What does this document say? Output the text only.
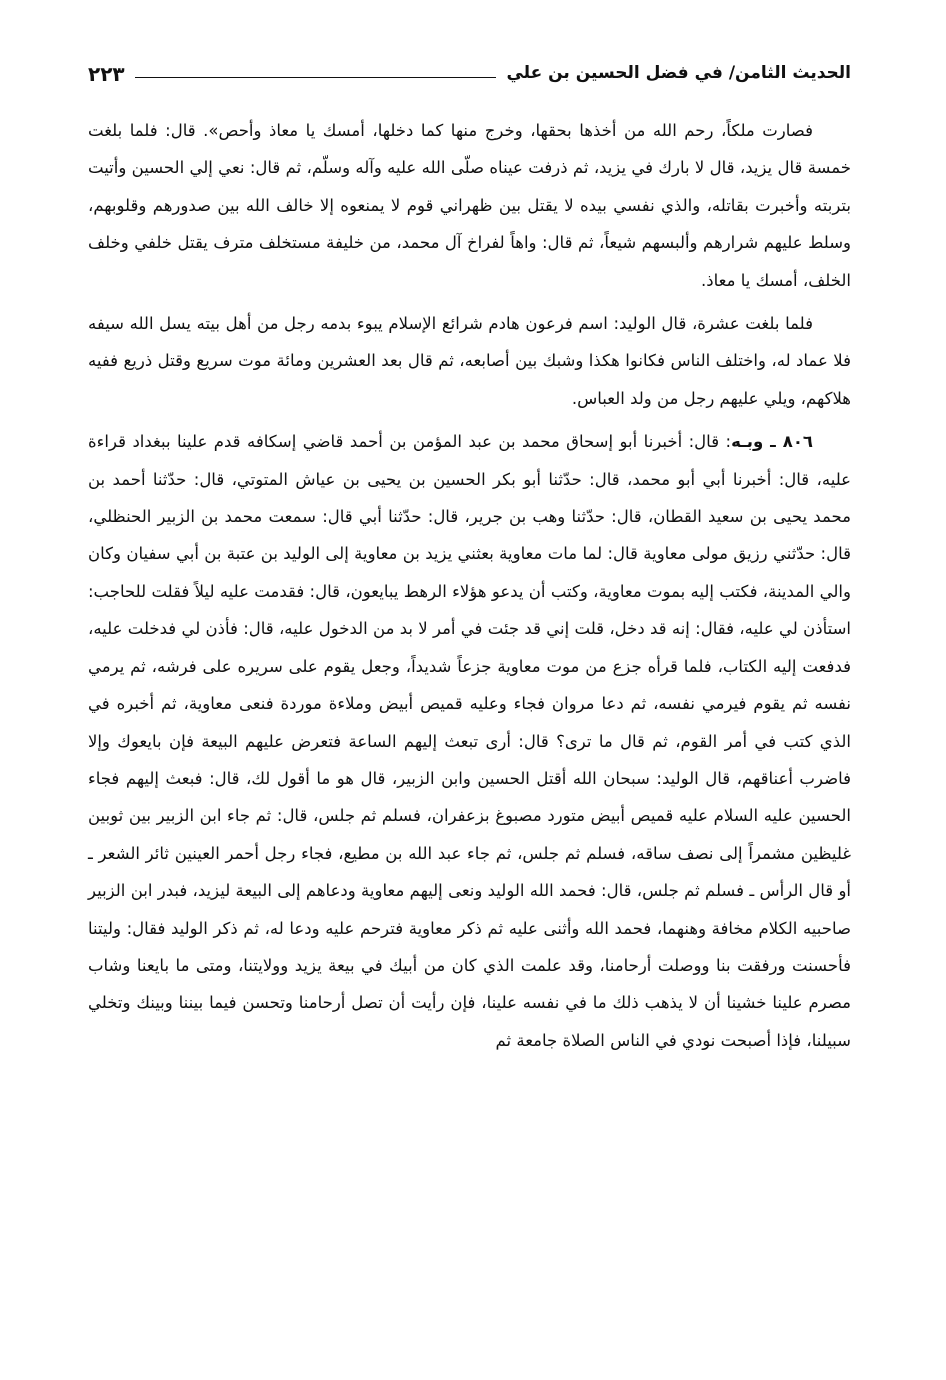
الحديث الثامن/ في فضل الحسين بن علي
٢٢٣

فصارت ملكاً، رحم الله من أخذها بحقها، وخرج منها كما دخلها، أمسك يا معاذ وأحص». قال: فلما بلغت خمسة قال يزيد، قال لا بارك في يزيد، ثم ذرفت عيناه صلّى الله عليه وآله وسلّم، ثم قال: نعي إلي الحسين وأتيت بتربته وأخبرت بقاتله، والذي نفسي بيده لا يقتل بين ظهراني قوم لا يمنعوه إلا خالف الله بين صدورهم وقلوبهم، وسلط عليهم شرارهم وألبسهم شيعاً، ثم قال: واهاً لفراخ آل محمد، من خليفة مستخلف مترف يقتل خلفي وخلف الخلف، أمسك يا معاذ.

فلما بلغت عشرة، قال الوليد: اسم فرعون هادم شرائع الإسلام يبوء بدمه رجل من أهل بيته يسل الله سيفه فلا عماد له، واختلف الناس فكانوا هكذا وشبك بين أصابعه، ثم قال بعد العشرين ومائة موت سريع وقتل ذريع ففيه هلاكهم، ويلي عليهم رجل من ولد العباس.

٨٠٦ ـ وبـه: قال: أخبرنا أبو إسحاق محمد بن عبد المؤمن بن أحمد قاضي إسكافه قدم علينا ببغداد قراءة عليه، قال: أخبرنا أبي أبو محمد، قال: حدّثنا أبو بكر الحسين بن يحيى بن عياش المتوتي، قال: حدّثنا أحمد بن محمد يحيى بن سعيد القطان، قال: حدّثنا وهب بن جرير، قال: حدّثنا أبي قال: سمعت محمد بن الزبير الحنظلي، قال: حدّثني رزيق مولى معاوية قال: لما مات معاوية بعثني يزيد بن معاوية إلى الوليد بن عتبة بن أبي سفيان وكان والي المدينة، فكتب إليه بموت معاوية، وكتب أن يدعو هؤلاء الرهط يبايعون، قال: فقدمت عليه ليلاً فقلت للحاجب: استأذن لي عليه، فقال: إنه قد دخل، قلت إني قد جئت في أمر لا بد من الدخول عليه، قال: فأذن لي فدخلت عليه، فدفعت إليه الكتاب، فلما قرأه جزع من موت معاوية جزعاً شديداً، وجعل يقوم على سريره على فرشه، ثم يرمي نفسه ثم يقوم فيرمي نفسه، ثم دعا مروان فجاء وعليه قميص أبيض وملاءة موردة فنعى معاوية، ثم أخبره في الذي كتب في أمر القوم، ثم قال ما ترى؟ قال: أرى تبعث إليهم الساعة فتعرض عليهم البيعة فإن بايعوك وإلا فاضرب أعناقهم، قال الوليد: سبحان الله أقتل الحسين وابن الزبير، قال هو ما أقول لك، قال: فبعث إليهم فجاء الحسين عليه السلام عليه قميص أبيض متورد مصبوغ بزعفران، فسلم ثم جلس، قال: ثم جاء ابن الزبير بين ثوبين غليظين مشمراً إلى نصف ساقه، فسلم ثم جلس، ثم جاء عبد الله بن مطيع، فجاء رجل أحمر العينين ثائر الشعر ـ أو قال الرأس ـ فسلم ثم جلس، قال: فحمد الله الوليد ونعى إليهم معاوية ودعاهم إلى البيعة ليزيد، فبدر ابن الزبير صاحبيه الكلام مخافة وهنهما، فحمد الله وأثنى عليه ثم ذكر معاوية فترحم عليه ودعا له، ثم ذكر الوليد فقال: وليتنا فأحسنت ورفقت بنا ووصلت أرحامنا، وقد علمت الذي كان من أبيك في بيعة يزيد وولايتنا، ومتى ما بايعنا وشاب مصرم علينا خشينا أن لا يذهب ذلك ما في نفسه علينا، فإن رأيت أن تصل أرحامنا وتحسن فيما بيننا وبينك وتخلي سبيلنا، فإذا أصبحت نودي في الناس الصلاة جامعة ثم
